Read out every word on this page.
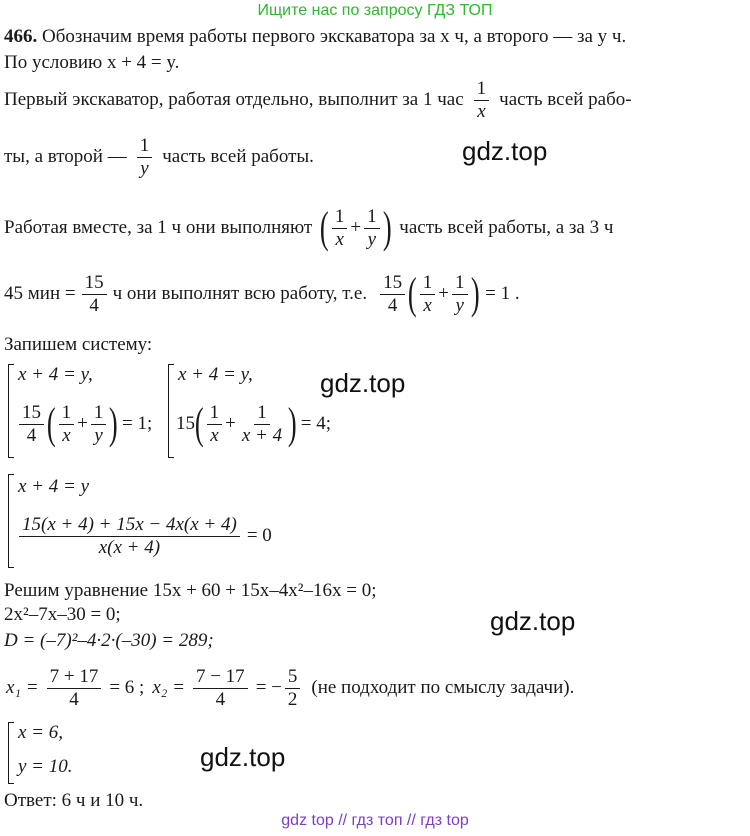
Ищите нас по запросу ГДЗ ТОП
466. Обозначим время работы первого экскаватора за x ч, а второго — за y ч.
По условию x + 4 = y.
Первый экскаватор, работая отдельно, выполнит за 1 час $\frac{1}{x}$ часть всей рабо-
ты, а второй — $\frac{1}{y}$ часть всей работы.	gdz.top
Работая вместе, за 1 ч они выполняют ( $\frac{1}{x} + \frac{1}{y}$ ) часть всей работы, а за 3 ч
45 мин = $\frac{15}{4}$ ч они выполнят всю работу, т.е. $\frac{15}{4}$ ( $\frac{1}{x} + \frac{1}{y}$ ) = 1 .
Запишем систему:
x + 4 = y,
$\frac{15}{4}$ ( $\frac{1}{x} + \frac{1}{y}$ ) = 1;
x + 4 = y,
15 ( $\frac{1}{x} + \frac{1}{x + 4}$ ) = 4;
gdz.top
x + 4 = y
$\frac{15(x + 4) + 15x - 4x(x + 4)}{x(x + 4)} = 0$
Решим уравнение 15x + 60 + 15x–4x²–16x = 0;
2x²–7x–30 = 0;
D = (–7)²–4·2·(–30) = 289;
gdz.top
$x_1 = \frac{7 + 17}{4} = 6$ ; $x_2 = \frac{7 - 17}{4}$ = − $\frac{5}{2} (не$ подходит по смыслу задачи).
x = 6,
y = 10.	gdz.top
Ответ: 6 ч и 10 ч.
gdz top // гдз топ // гдз top
